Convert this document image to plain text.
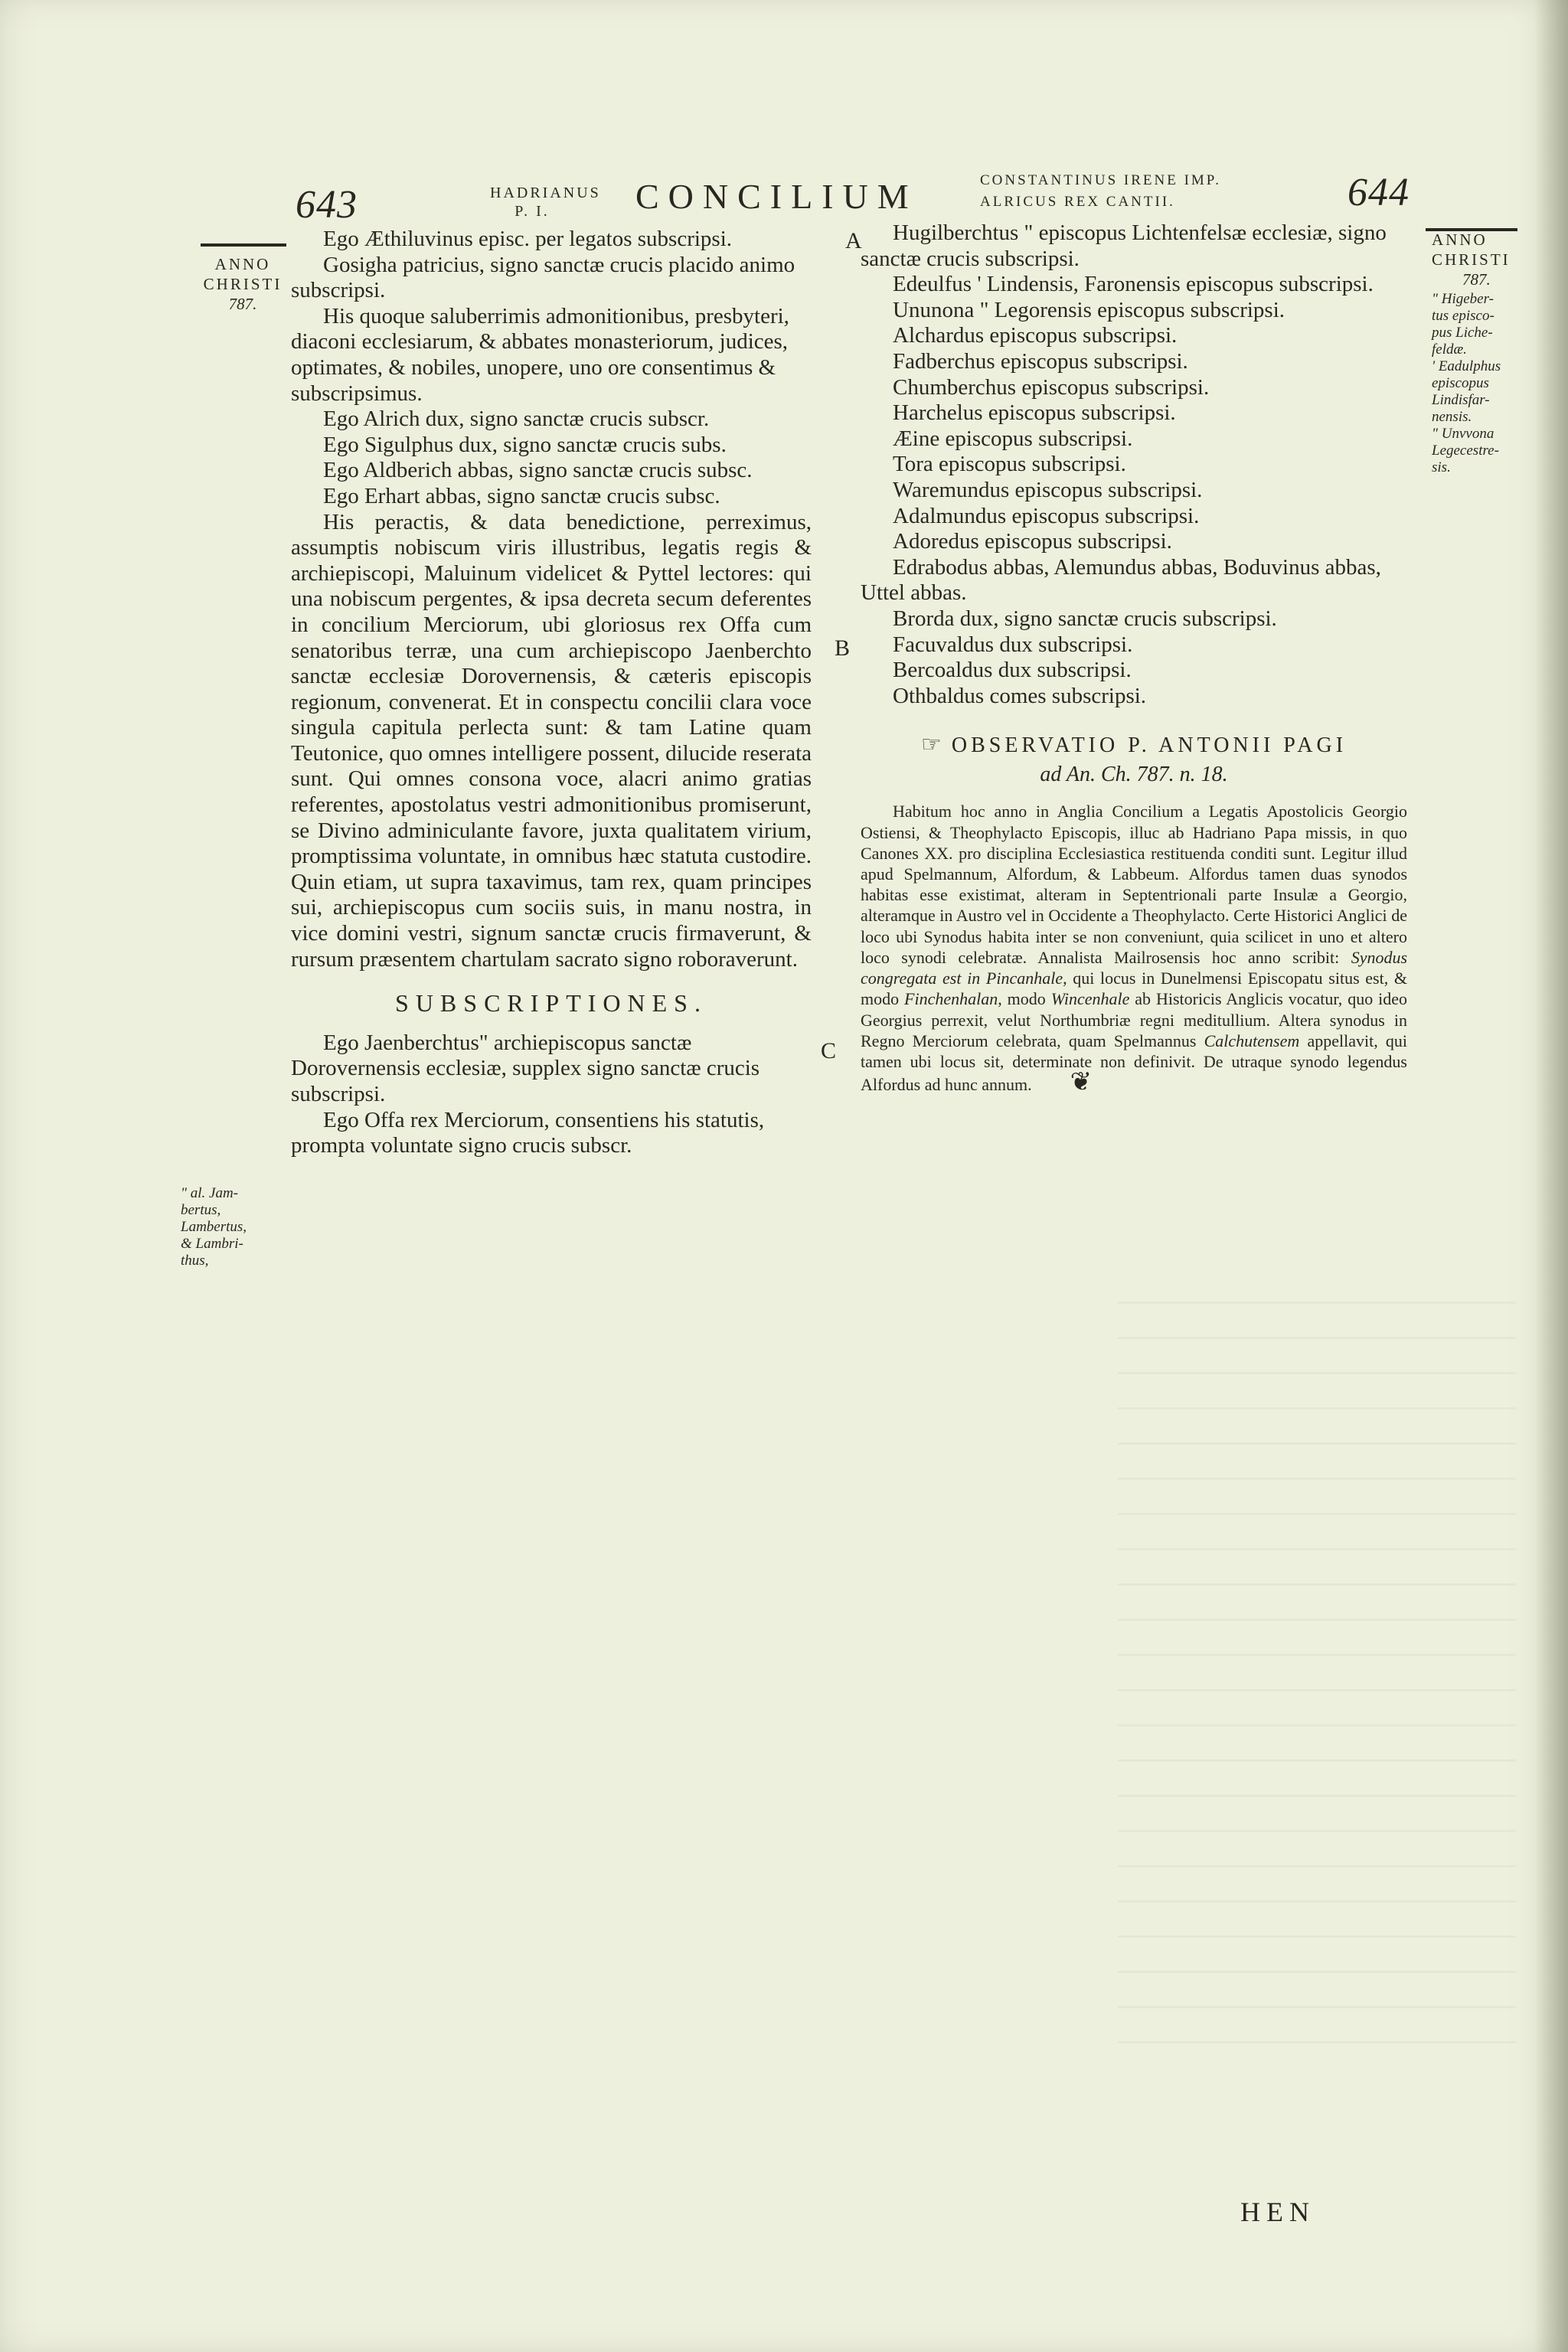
643	HADRIANUS
P. I.	CONCILIUM	CONSTANTINUS IRENE IMP.
ALRICUS REX CANTII.	644
ANNO
CHRISTI
787.
ANNO
CHRISTI
787.
" Higeber-
tus episco-
pus Liche-
feldæ.
' Eadulphus
episcopus
Lindisfar-
nensis.
" Unvvona
Legecestre-
sis.
" al. Jam-
bertus,
Lambertus,
& Lambri-
thus,
A
B
C

Ego Æthiluvinus episc. per legatos subscripsi.

Gosigha patricius, signo sanctæ crucis placido animo subscripsi.

His quoque saluberrimis admonitionibus, presbyteri, diaconi ecclesiarum, & abbates monasteriorum, judices, optimates, & nobiles, unopere, uno ore consentimus & subscripsimus.

Ego Alrich dux, signo sanctæ crucis subscr.

Ego Sigulphus dux, signo sanctæ crucis subs.

Ego Aldberich abbas, signo sanctæ crucis subsc.

Ego Erhart abbas, signo sanctæ crucis subsc.

His peractis, & data benedictione, perreximus, assumptis nobiscum viris illustribus, legatis regis & archiepiscopi, Maluinum videlicet & Pyttel lectores: qui una nobiscum pergentes, & ipsa decreta secum deferentes in concilium Merciorum, ubi gloriosus rex Offa cum senatoribus terræ, una cum archiepiscopo Jaenberchto sanctæ ecclesiæ Dorovernensis, & cæteris episcopis regionum, convenerat. Et in conspectu concilii clara voce singula capitula perlecta sunt: & tam Latine quam Teutonice, quo omnes intelligere possent, dilucide reserata sunt. Qui omnes consona voce, alacri animo gratias referentes, apostolatus vestri admonitionibus promiserunt, se Divino adminiculante favore, juxta qualitatem virium, promptissima voluntate, in omnibus hæc statuta custodire. Quin etiam, ut supra taxavimus, tam rex, quam principes sui, archiepiscopus cum sociis suis, in manu nostra, in vice domini vestri, signum sanctæ crucis firmaverunt, & rursum præsentem chartulam sacrato signo roboraverunt.

SUBSCRIPTIONES.

Ego Jaenberchtus" archiepiscopus sanctæ Dorovernensis ecclesiæ, supplex signo sanctæ crucis subscripsi.

Ego Offa rex Merciorum, consentiens his statutis, prompta voluntate signo crucis subscr.

Hugilberchtus " episcopus Lichtenfelsæ ecclesiæ, signo sanctæ crucis subscripsi.

Edeulfus ' Lindensis, Faronensis episcopus subscripsi.

Ununona " Legorensis episcopus subscripsi.

Alchardus episcopus subscripsi.

Fadberchus episcopus subscripsi.

Chumberchus episcopus subscripsi.

Harchelus episcopus subscripsi.

Æine episcopus subscripsi.

Tora episcopus subscripsi.

Waremundus episcopus subscripsi.

Adalmundus episcopus subscripsi.

Adoredus episcopus subscripsi.

Edrabodus abbas, Alemundus abbas, Boduvinus abbas, Uttel abbas.

Brorda dux, signo sanctæ crucis subscripsi.

Facuvaldus dux subscripsi.

Bercoaldus dux subscripsi.

Othbaldus comes subscripsi.

☞ OBSERVATIO P. ANTONII PAGI

ad An. Ch. 787. n. 18.

Habitum hoc anno in Anglia Concilium a Legatis Apostolicis Georgio Ostiensi, & Theophylacto Episcopis, illuc ab Hadriano Papa missis, in quo Canones XX. pro disciplina Ecclesiastica restituenda conditi sunt. Legitur illud apud Spelmannum, Alfordum, & Labbeum. Alfordus tamen duas synodos habitas esse existimat, alteram in Septentrionali parte Insulæ a Georgio, alteramque in Austro vel in Occidente a Theophylacto. Certe Historici Anglici de loco ubi Synodus habita inter se non conveniunt, quia scilicet in uno et altero loco synodi celebratæ. Annalista Mailrosensis hoc anno scribit: Synodus congregata est in Pincanhale, qui locus in Dunelmensi Episcopatu situs est, & modo Finchenhalan, modo Wincenhale ab Historicis Anglicis vocatur, quo ideo Georgius perrexit, velut Northumbriæ regni meditullium. Altera synodus in Regno Merciorum celebrata, quam Spelmannus Calchutensem appellavit, qui tamen ubi locus sit, determinate non definivit. De utraque synodo legendus Alfordus ad hunc annum. ❦

HEN
